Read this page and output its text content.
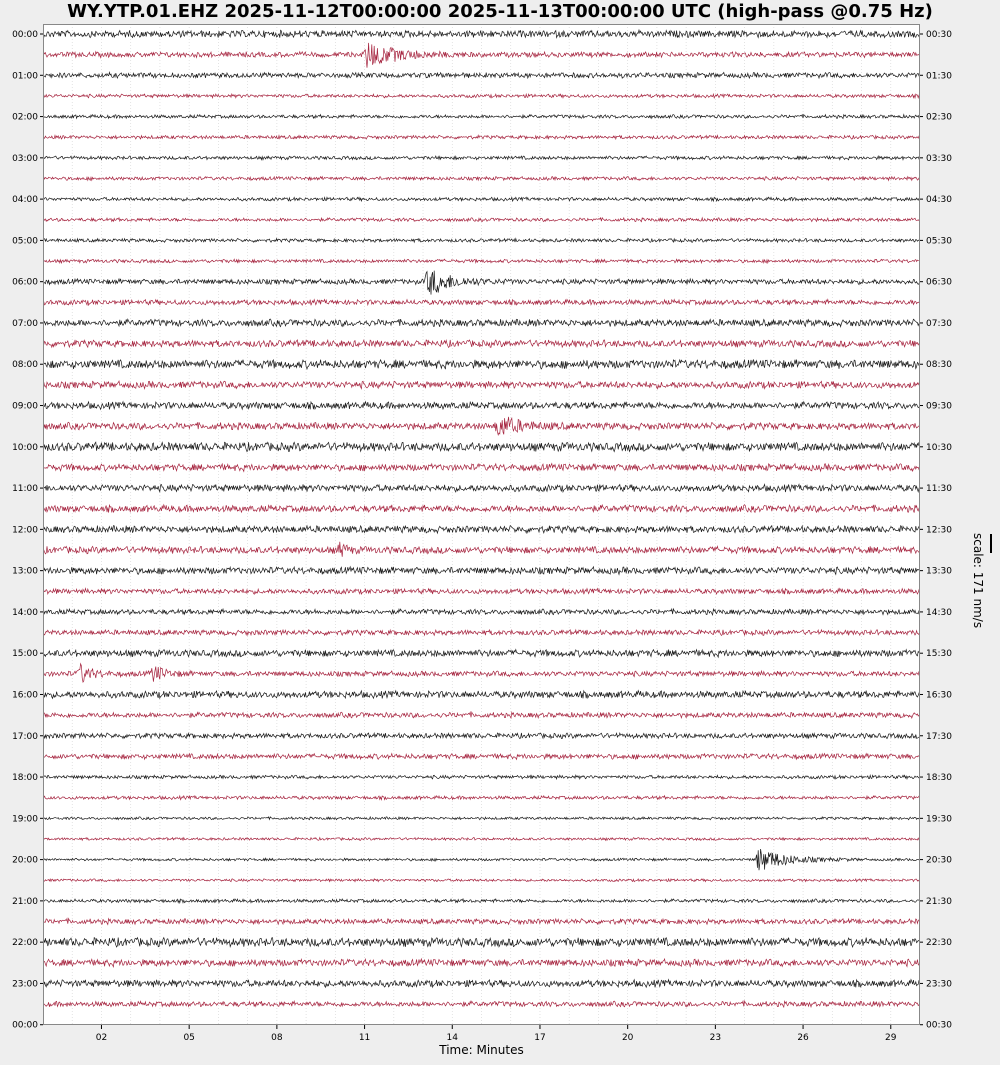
WY.YTP.01.EHZ 2025-11-12T00:00:00 2025-11-13T00:00:00 UTC (high-pass @0.75 Hz)
00:00
01:00
02:00
03:00
04:00
05:00
06:00
07:00
08:00
09:00
10:00
11:00
12:00
13:00
14:00
15:00
16:00
17:00
18:00
19:00
20:00
21:00
22:00
23:00
00:00
00:30
01:30
02:30
03:30
04:30
05:30
06:30
07:30
08:30
09:30
10:30
11:30
12:30
13:30
14:30
15:30
16:30
17:30
18:30
19:30
20:30
21:30
22:30
23:30
00:30
02	05	08	11	14	17	20	23	26	29
scale: 171 nm/s
Time: Minutes
